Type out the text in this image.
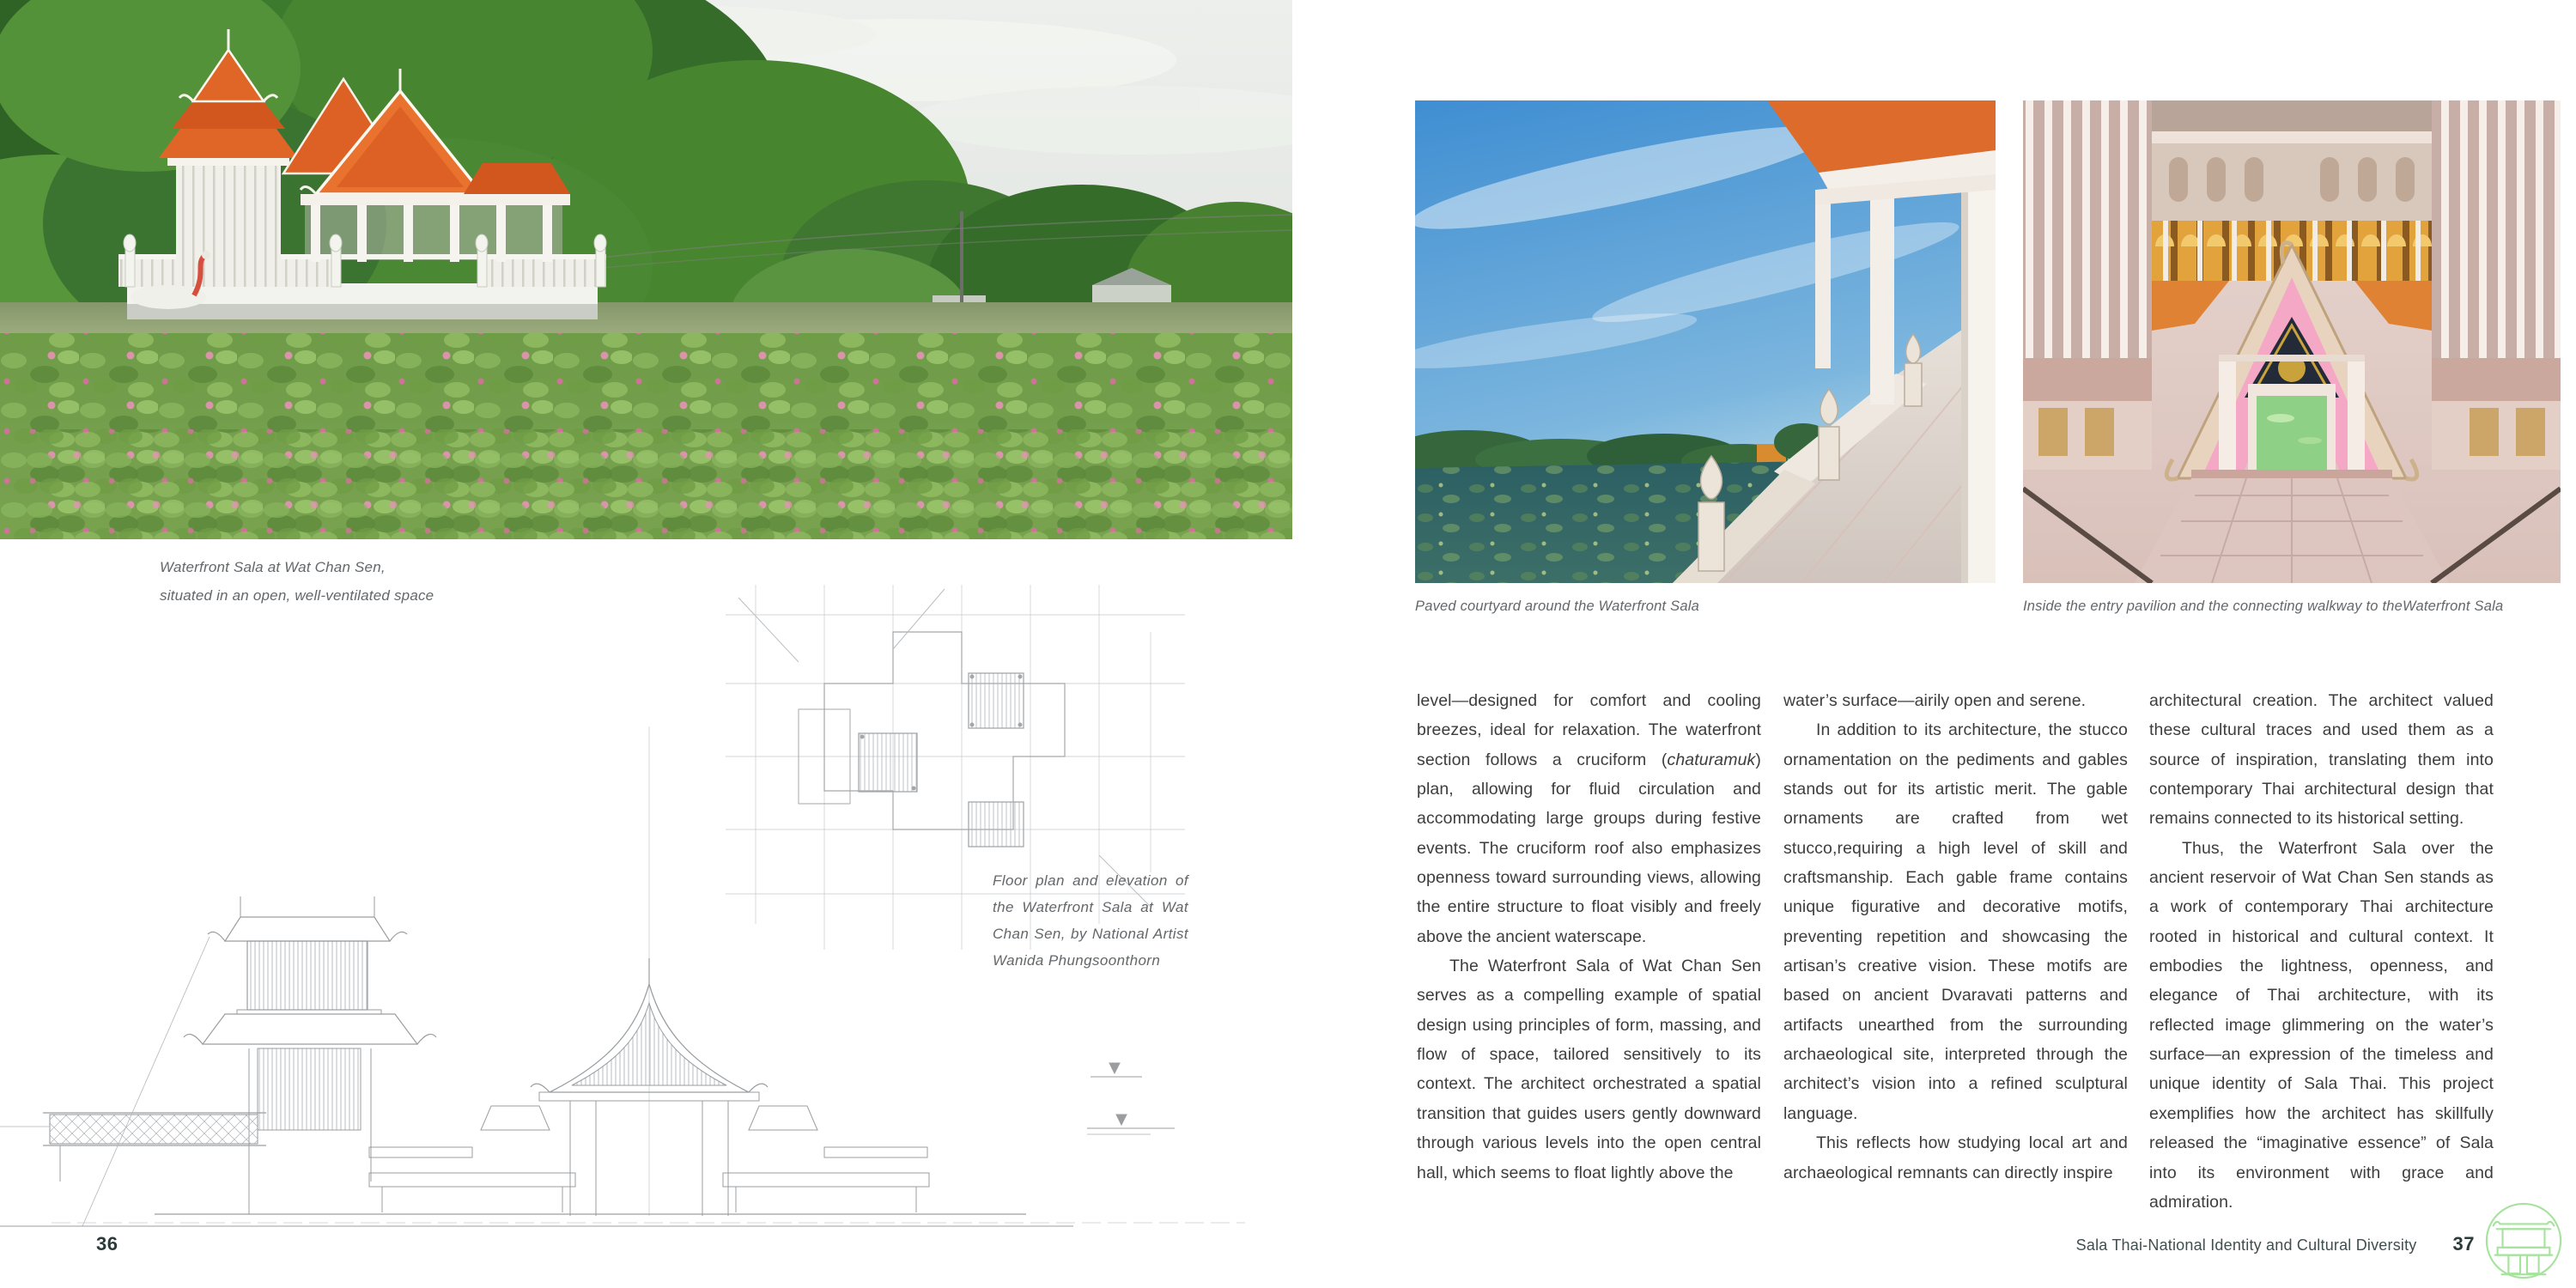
Waterfront Sala at Wat Chan Sen,
situated in an open, well-ventilated space
Floor plan and elevation of
the Waterfront Sala at Wat
Chan Sen, by National Artist
Wanida Phungsoonthorn
36
Paved courtyard around the Waterfront Sala	Inside the entry pavilion and the connecting walkway to theWaterfront Sala

level—designed for comfort and cooling breezes, ideal for relaxation. The waterfront section follows a cruciform (chaturamuk) plan, allowing for fluid circulation and accommodating large groups during festive events. The cruciform roof also emphasizes openness toward surrounding views, allowing the entire structure to float visibly and freely above the ancient waterscape.

The Waterfront Sala of Wat Chan Sen serves as a compelling example of spatial design using principles of form, massing, and flow of space, tailored sensitively to its context. The architect orchestrated a spatial transition that guides users gently downward through various levels into the open central hall, which seems to float lightly above the

water’s surface—airily open and serene.

In addition to its architecture, the stucco ornamentation on the pediments and gables stands out for its artistic merit. The gable ornaments are crafted from wet stucco,requiring a high level of skill and craftsmanship. Each gable frame contains unique figurative and decorative motifs, preventing repetition and showcasing the artisan’s creative vision. These motifs are based on ancient Dvaravati patterns and artifacts unearthed from the surrounding archaeological site, interpreted through the architect’s vision into a refined sculptural language.

This reflects how studying local art and archaeological remnants can directly inspire

architectural creation. The architect valued these cultural traces and used them as a source of inspiration, translating them into contemporary Thai architectural design that remains connected to its historical setting.

Thus, the Waterfront Sala over the ancient reservoir of Wat Chan Sen stands as a work of contemporary Thai architecture rooted in historical and cultural context. It embodies the lightness, openness, and elegance of Thai architecture, with its reflected image glimmering on the water’s surface—an expression of the timeless and unique identity of Sala Thai. This project exemplifies how the architect has skillfully released the “imaginative essence” of Sala into its environment with grace and admiration.

Sala Thai-National Identity and Cultural Diversity 37
